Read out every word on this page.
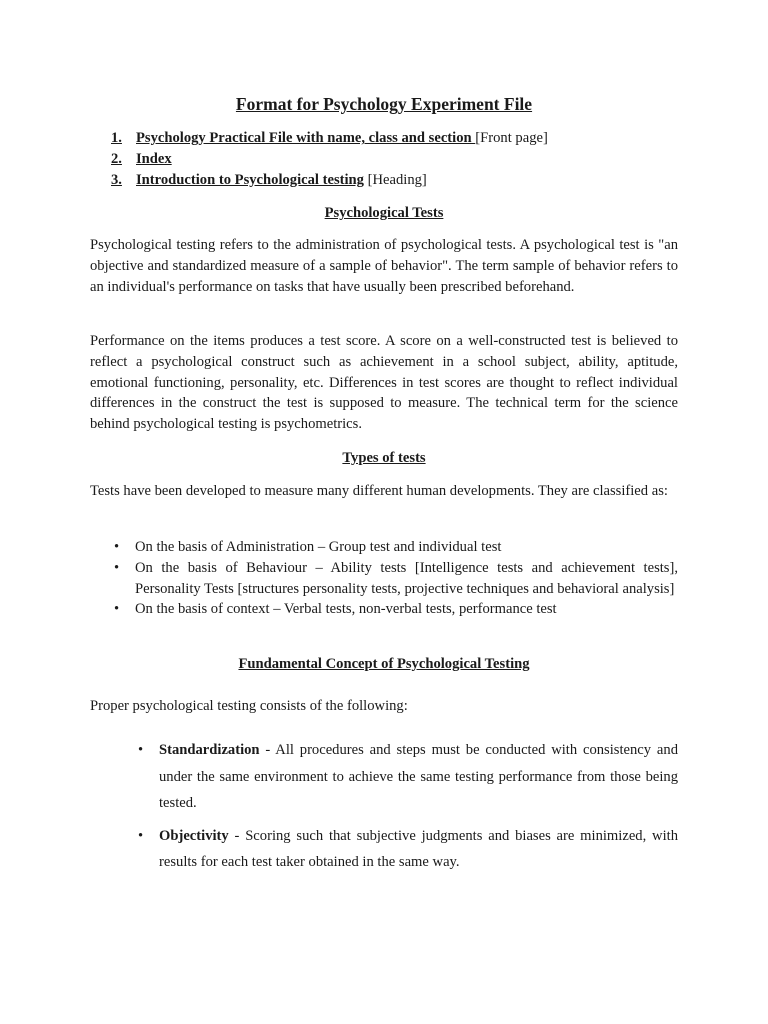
Format for Psychology Experiment File
1. Psychology Practical File with name, class and section [Front page]
2. Index
3. Introduction to Psychological testing [Heading]
Psychological Tests

Psychological testing refers to the administration of psychological tests. A psychological test is "an objective and standardized measure of a sample of behavior". The term sample of behavior refers to an individual's performance on tasks that have usually been prescribed beforehand.

Performance on the items produces a test score. A score on a well-constructed test is believed to reflect a psychological construct such as achievement in a school subject, ability, aptitude, emotional functioning, personality, etc. Differences in test scores are thought to reflect individual differences in the construct the test is supposed to measure. The technical term for the science behind psychological testing is psychometrics.

Types of tests

Tests have been developed to measure many different human developments. They are classified as:

• On the basis of Administration – Group test and individual test
• On the basis of Behaviour – Ability tests [Intelligence tests and achievement tests], Personality Tests [structures personality tests, projective techniques and behavioral analysis]
• On the basis of context – Verbal tests, non-verbal tests, performance test
Fundamental Concept of Psychological Testing

Proper psychological testing consists of the following:

• Standardization - All procedures and steps must be conducted with consistency and under the same environment to achieve the same testing performance from those being tested.
• Objectivity - Scoring such that subjective judgments and biases are minimized, with results for each test taker obtained in the same way.
